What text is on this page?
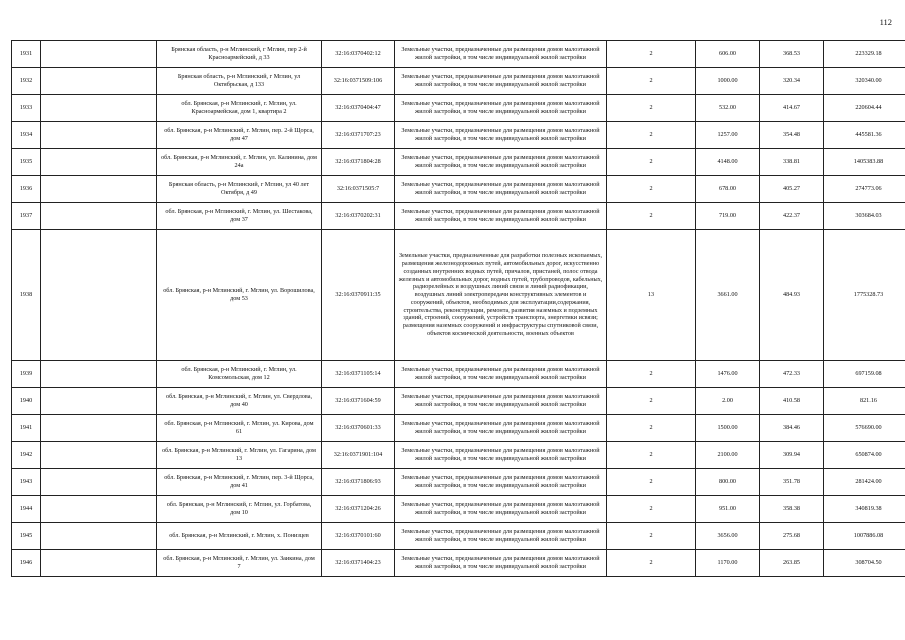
112
1931		Брянская область, р-н Мглинский, г Мглин, пер 2-й Красноармейский, д 33	32:16:0370402:12	Земельные участки, предназначенные для размещения домов малоэтажной жилой застройки, в том числе индивидуальной жилой застройки	2	606.00	368.53	223329.18
1932		Брянская область, р-н Мглинский, г Мглин, ул Октябрьская, д 133	32:16:0371509:106	Земельные участки, предназначенные для размещения домов малоэтажной жилой застройки, в том числе индивидуальной жилой застройки	2	1000.00	320.34	320340.00
1933		обл. Брянская, р-н Мглинский, г. Мглин, ул. Красноармейская, дом 1, квартира 2	32:16:0370404:47	Земельные участки, предназначенные для размещения домов малоэтажной жилой застройки, в том числе индивидуальной жилой застройки	2	532.00	414.67	220604.44
1934		обл. Брянская, р-н Мглинский, г. Мглин, пер. 2-й Щорса, дом 47	32:16:0371707:23	Земельные участки, предназначенные для размещения домов малоэтажной жилой застройки, в том числе индивидуальной жилой застройки	2	1257.00	354.48	445581.36
1935		обл. Брянская, р-н Мглинский, г. Мглин, ул. Калинина, дом 24а	32:16:0371804:28	Земельные участки, предназначенные для размещения домов малоэтажной жилой застройки, в том числе индивидуальной жилой застройки	2	4148.00	338.81	1405383.88
1936		Брянская область, р-н Мглинский, г Мглин, ул 40 лет Октября, д 49	32:16:0371505:7	Земельные участки, предназначенные для размещения домов малоэтажной жилой застройки, в том числе индивидуальной жилой застройки	2	678.00	405.27	274773.06
1937		обл. Брянская, р-н Мглинский, г. Мглин, ул. Шестакова, дом 37	32:16:0370202:31	Земельные участки, предназначенные для размещения домов малоэтажной жилой застройки, в том числе индивидуальной жилой застройки	2	719.00	422.37	303684.03
1938		обл. Брянская, р-н Мглинский, г. Мглин, ул. Ворошилова, дом 53	32:16:0370911:35	Земельные участки, предназначенные для разработки полезных ископаемых, размещения железнодорожных путей, автомобильных дорог, искусственно созданных внутренних водных путей, причалов, пристаней, полос отвода железных и автомобильных дорог, водных путей, трубопроводов, кабельных, радиорелейных и воздушных линий связи и линий радиофикации, воздушных линий электропередачи конструктивных элементов и сооружений, объектов, необходимых для эксплуатации,содержания, строительства, реконструкции, ремонта, развития наземных и подземных зданий, строений, сооружений, устройств транспорта, энергетики исвязи; размещения наземных сооружений и инфраструктуры спутниковой связи, объектов космической деятельности, военных объектов	13	3661.00	484.93	1775328.73
1939		обл. Брянская, р-н Мглинский, г. Мглин, ул. Комсомольская, дом 12	32:16:0371105:14	Земельные участки, предназначенные для размещения домов малоэтажной жилой застройки, в том числе индивидуальной жилой застройки	2	1476.00	472.33	697159.08
1940		обл. Брянская, р-н Мглинский, г. Мглин, ул. Свердлова, дом 40	32:16:0371604:59	Земельные участки, предназначенные для размещения домов малоэтажной жилой застройки, в том числе индивидуальной жилой застройки	2	2.00	410.58	821.16
1941		обл. Брянская, р-н Мглинский, г. Мглин, ул. Кирова, дом 61	32:16:0370601:33	Земельные участки, предназначенные для размещения домов малоэтажной жилой застройки, в том числе индивидуальной жилой застройки	2	1500.00	384.46	576690.00
1942		обл. Брянская, р-н Мглинский, г. Мглин, ул. Гагарина, дом 13	32:16:0371901:104	Земельные участки, предназначенные для размещения домов малоэтажной жилой застройки, в том числе индивидуальной жилой застройки	2	2100.00	309.94	650874.00
1943		обл. Брянская, р-н Мглинский, г. Мглин, пер. 3-й Щорса, дом 41	32:16:0371806:93	Земельные участки, предназначенные для размещения домов малоэтажной жилой застройки, в том числе индивидуальной жилой застройки	2	800.00	351.78	281424.00
1944		обл. Брянская, р-н Мглинский, г. Мглин, ул. Горбатова, дом 10	32:16:0371204:26	Земельные участки, предназначенные для размещения домов малоэтажной жилой застройки, в том числе индивидуальной жилой застройки	2	951.00	358.38	340819.38
1945		обл. Брянская, р-н Мглинский, г. Мглин, х. Понизцев	32:16:0370101:60	Земельные участки, предназначенные для размещения домов малоэтажной жилой застройки, в том числе индивидуальной жилой застройки	2	3656.00	275.68	1007886.08
1946		обл. Брянская, р-н Мглинский, г. Мглин, ул. Заикина, дом 7	32:16:0371404:23	Земельные участки, предназначенные для размещения домов малоэтажной жилой застройки, в том числе индивидуальной жилой застройки	2	1170.00	263.85	308704.50
